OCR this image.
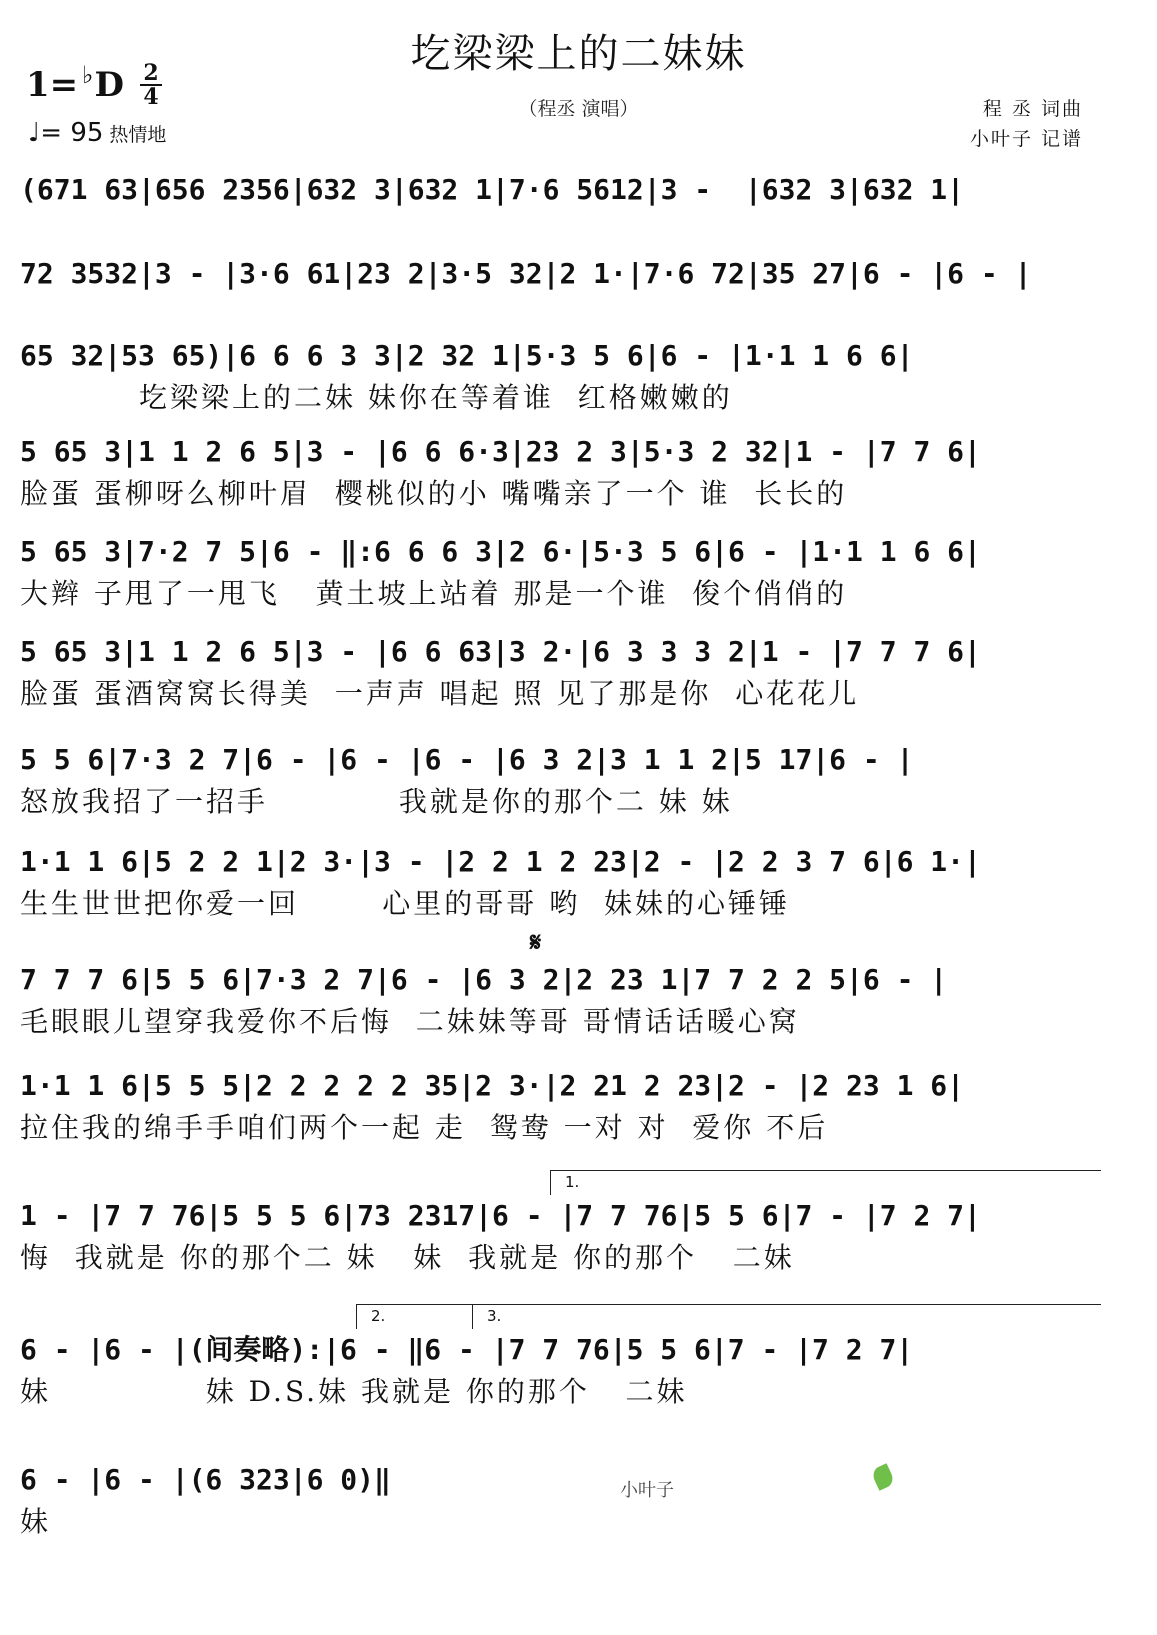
圪梁梁上的二妹妹
（程丞 演唱）
1= ♭ D 2
4
♩ = 95 热情地
程 丞 词曲
小叶子 记谱
(671 63|656 2356|632 3|632 1|7·6 5612|3 -  |632 3|632 1|
72 3532|3 - |3·6 61|23 2|3·5 32|2 1·|7·6 72|35 27|6 - |6 - |
65 32|53 65)|6 6 6 3 3|2 32 1|5·3 5 6|6 - |1·1 1 6 6|
圪梁梁上的二妹 妹你在等着谁  红格嫩嫩的
5 65 3|1 1 2 6 5|3 - |6 6 6·3|23 2 3|5·3 2 32|1 - |7 7 6|
脸蛋 蛋柳呀么柳叶眉  樱桃似的小 嘴嘴亲了一个 谁  长长的
5 65 3|7·2 7 5|6 - ‖:6 6 6 3|2 6·|5·3 5 6|6 - |1·1 1 6 6|
大辫 子甩了一甩飞   黄土坡上站着 那是一个谁  俊个俏俏的
5 65 3|1 1 2 6 5|3 - |6 6 63|3 2·|6 3 3 3 2|1 - |7 7 7 6|
脸蛋 蛋酒窝窝长得美  一声声 唱起 照 见了那是你  心花花儿
5 5 6|7·3 2 7|6 - |6 - |6 - |6 3 2|3 1 1 2|5 17|6 - |
怒放我招了一招手           我就是你的那个二 妹 妹
1·1 1 6|5 2 2 1|2 3·|3 - |2 2 1 2 23|2 - |2 2 3 7 6|6 1·|
生生世世把你爱一回       心里的哥哥 哟  妹妹的心锤锤
7 7 7 6|5 5 6|7·3 2 7|6 - |6 3 2|2 23 1|7 7 2 2 5|6 - |
毛眼眼儿望穿我爱你不后悔  二妹妹等哥 哥情话话暖心窝
1·1 1 6|5 5 5|2 2 2 2 2 35|2 3·|2 21 2 23|2 - |2 23 1 6|
拉住我的绵手手咱们两个一起 走  鸳鸯 一对 对  爱你 不后
1 - |7 7 76|5 5 5 6|73 2317|6 - |7 7 76|5 5 6|7 - |7 2 7|
悔  我就是 你的那个二 妹   妹  我就是 你的那个   二妹
6 - |6 - |(间奏略):|6 - ‖6 - |7 7 76|5 5 6|7 - |7 2 7|
妹             妹 D.S.妹 我就是 你的那个   二妹
6 - |6 - |(6 323|6 0)‖
妹
𝄋
1.
2.	3.
小叶子
